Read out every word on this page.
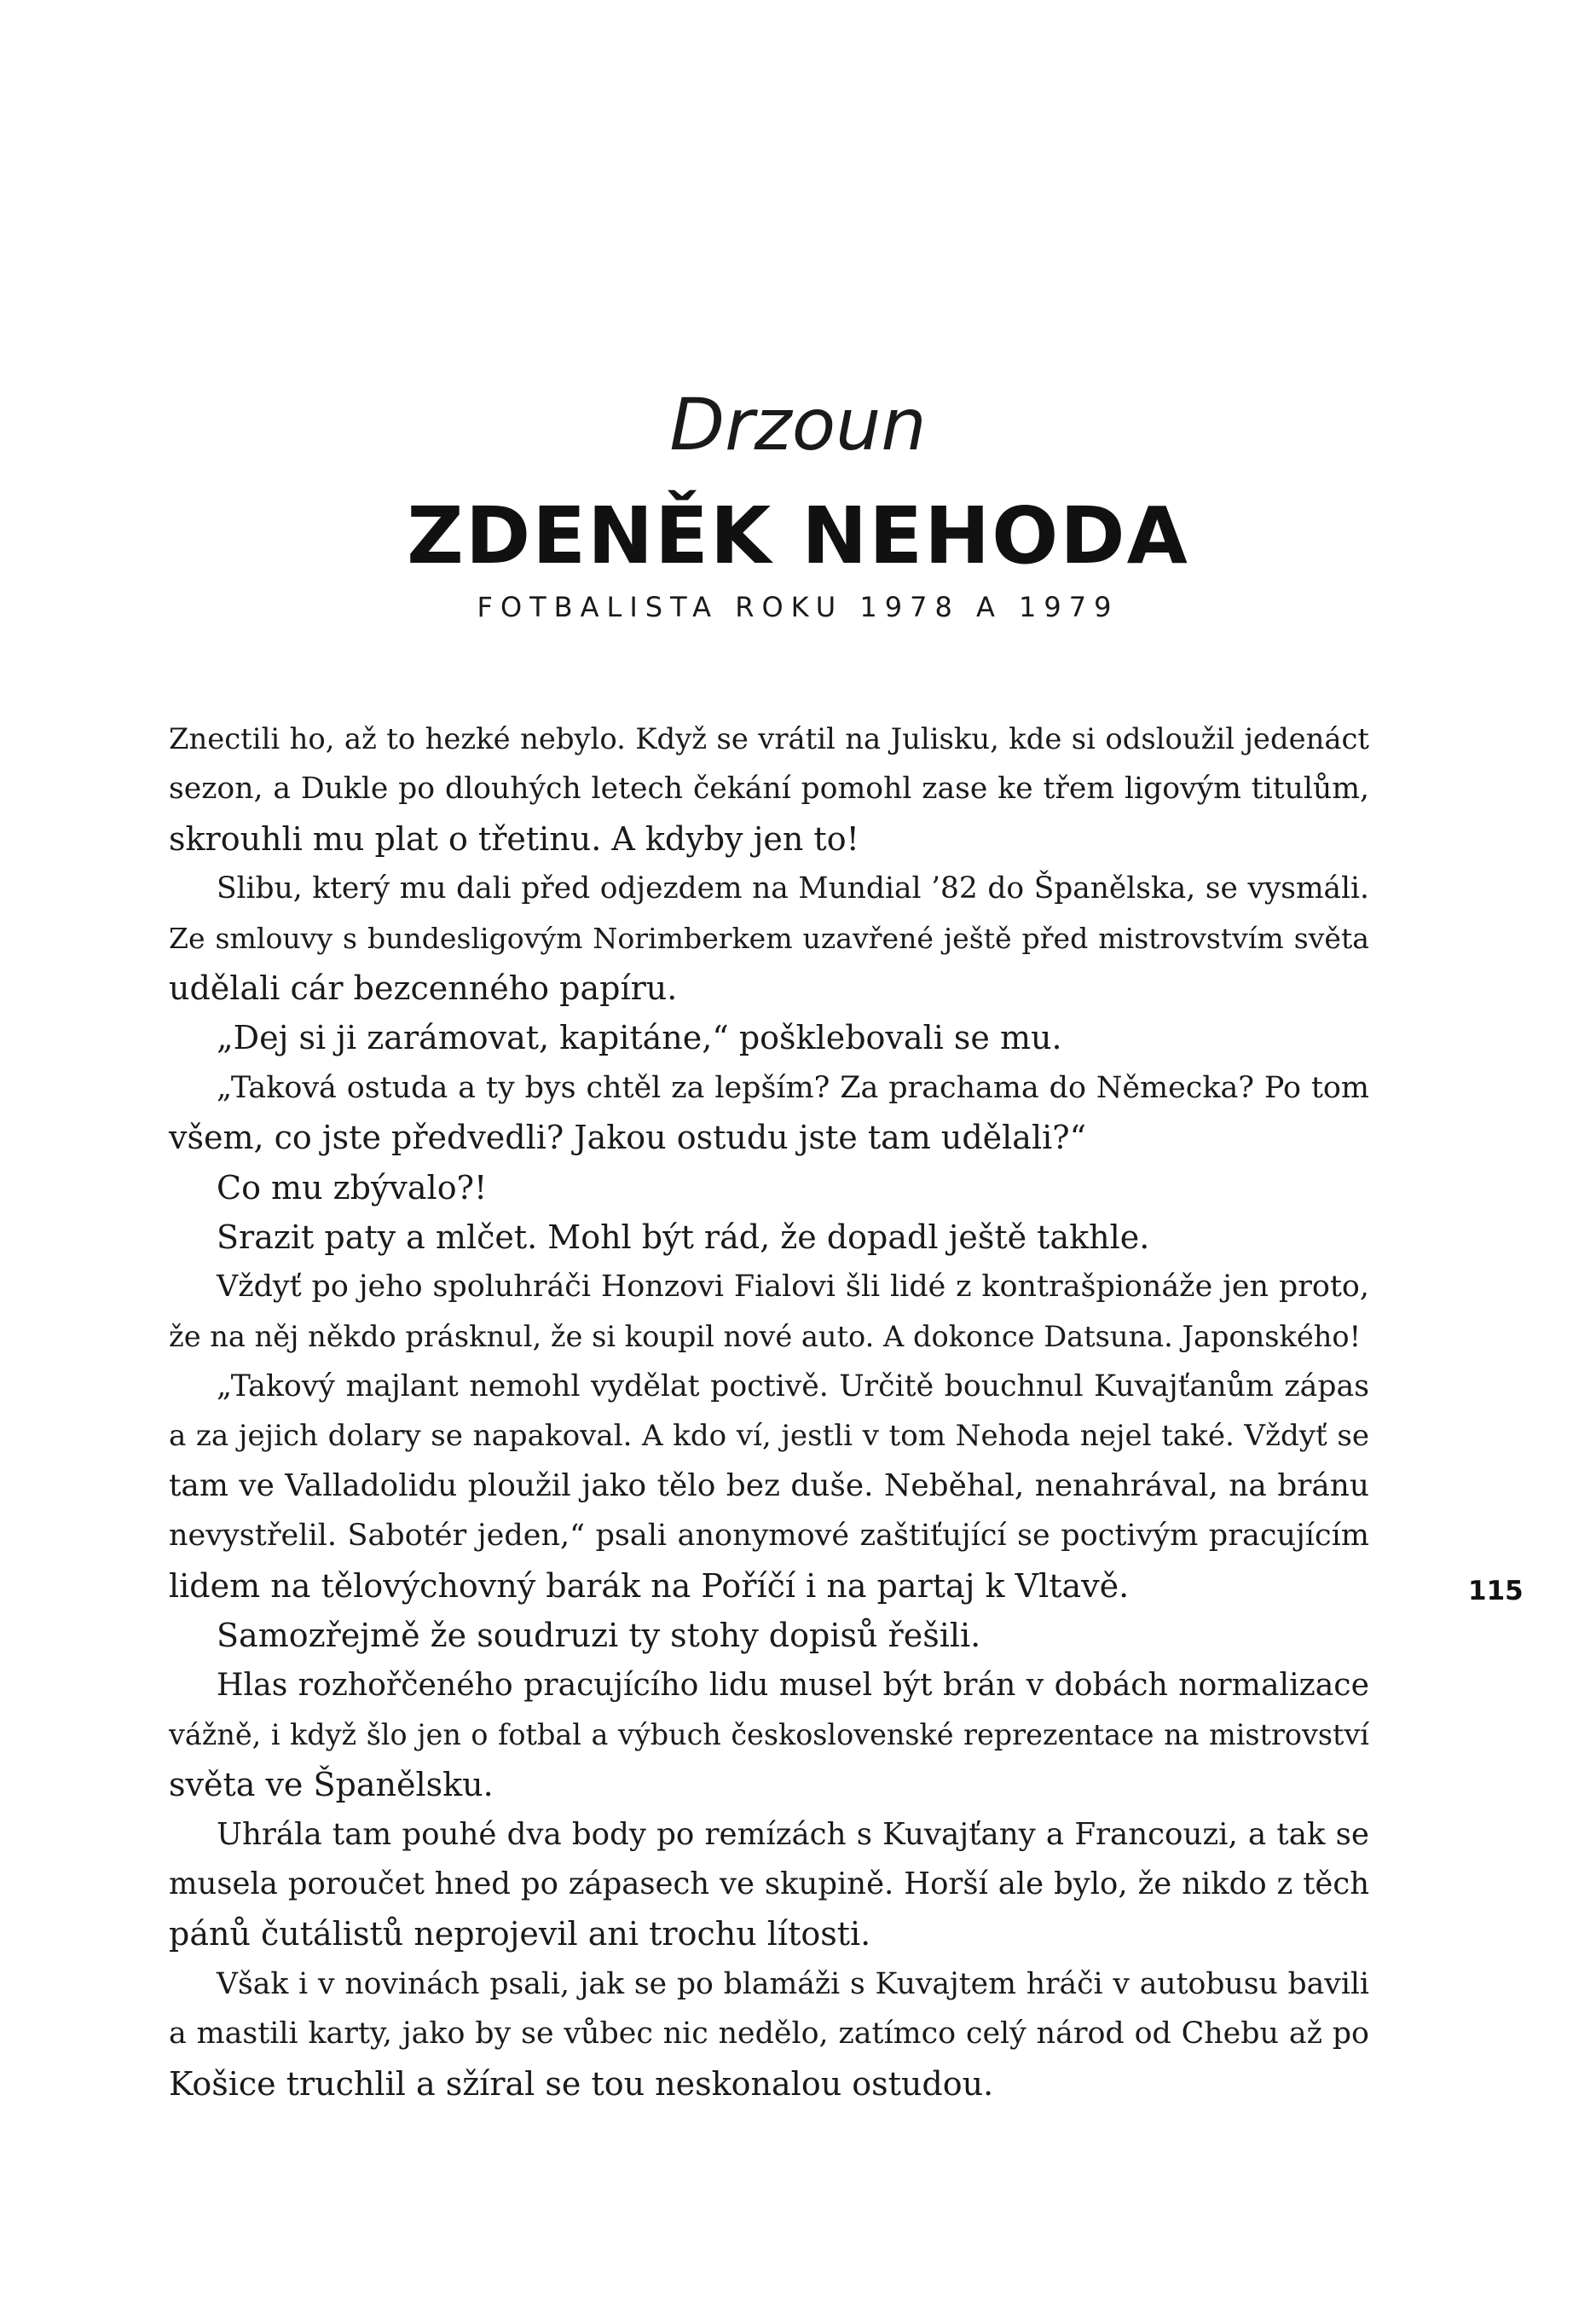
Drzoun
ZDENĚK NEHODA
FOTBALISTA ROKU 1978 A 1979
Znectili ho, až to hezké nebylo. Když se vrátil na Julisku, kde si odsloužil jedenáct
sezon, a Dukle po dlouhých letech čekání pomohl zase ke třem ligovým titulům,
skrouhli mu plat o třetinu. A kdyby jen to!
Slibu, který mu dali před odjezdem na Mundial ’82 do Španělska, se vysmáli.
Ze smlouvy s bundesligovým Norimberkem uzavřené ještě před mistrovstvím světa
udělali cár bezcenného papíru.
„Dej si ji zarámovat, kapitáne,“ pošklebovali se mu.
„Taková ostuda a ty bys chtěl za lepším? Za prachama do Německa? Po tom
všem, co jste předvedli? Jakou ostudu jste tam udělali?“
Co mu zbývalo?!
Srazit paty a mlčet. Mohl být rád, že dopadl ještě takhle.
Vždyť po jeho spoluhráči Honzovi Fialovi šli lidé z kontrašpionáže jen proto,
že na něj někdo prásknul, že si koupil nové auto. A dokonce Datsuna. Japonského!
„Takový majlant nemohl vydělat poctivě. Určitě bouchnul Kuvajťanům zápas
a za jejich dolary se napakoval. A kdo ví, jestli v tom Nehoda nejel také. Vždyť se
tam ve Valladolidu ploužil jako tělo bez duše. Neběhal, nenahrával, na bránu
nevystřelil. Sabotér jeden,“ psali anonymové zaštiťující se poctivým pracujícím
lidem na tělovýchovný barák na Poříčí i na partaj k Vltavě.
Samozřejmě že soudruzi ty stohy dopisů řešili.
Hlas rozhořčeného pracujícího lidu musel být brán v dobách normalizace
vážně, i když šlo jen o fotbal a výbuch československé reprezentace na mistrovství
světa ve Španělsku.
Uhrála tam pouhé dva body po remízách s Kuvajťany a Francouzi, a tak se
musela poroučet hned po zápasech ve skupině. Horší ale bylo, že nikdo z těch
pánů čutálistů neprojevil ani trochu lítosti.
Však i v novinách psali, jak se po blamáži s Kuvajtem hráči v autobusu bavili
a mastili karty, jako by se vůbec nic nedělo, zatímco celý národ od Chebu až po
Košice truchlil a sžíral se tou neskonalou ostudou.
115
